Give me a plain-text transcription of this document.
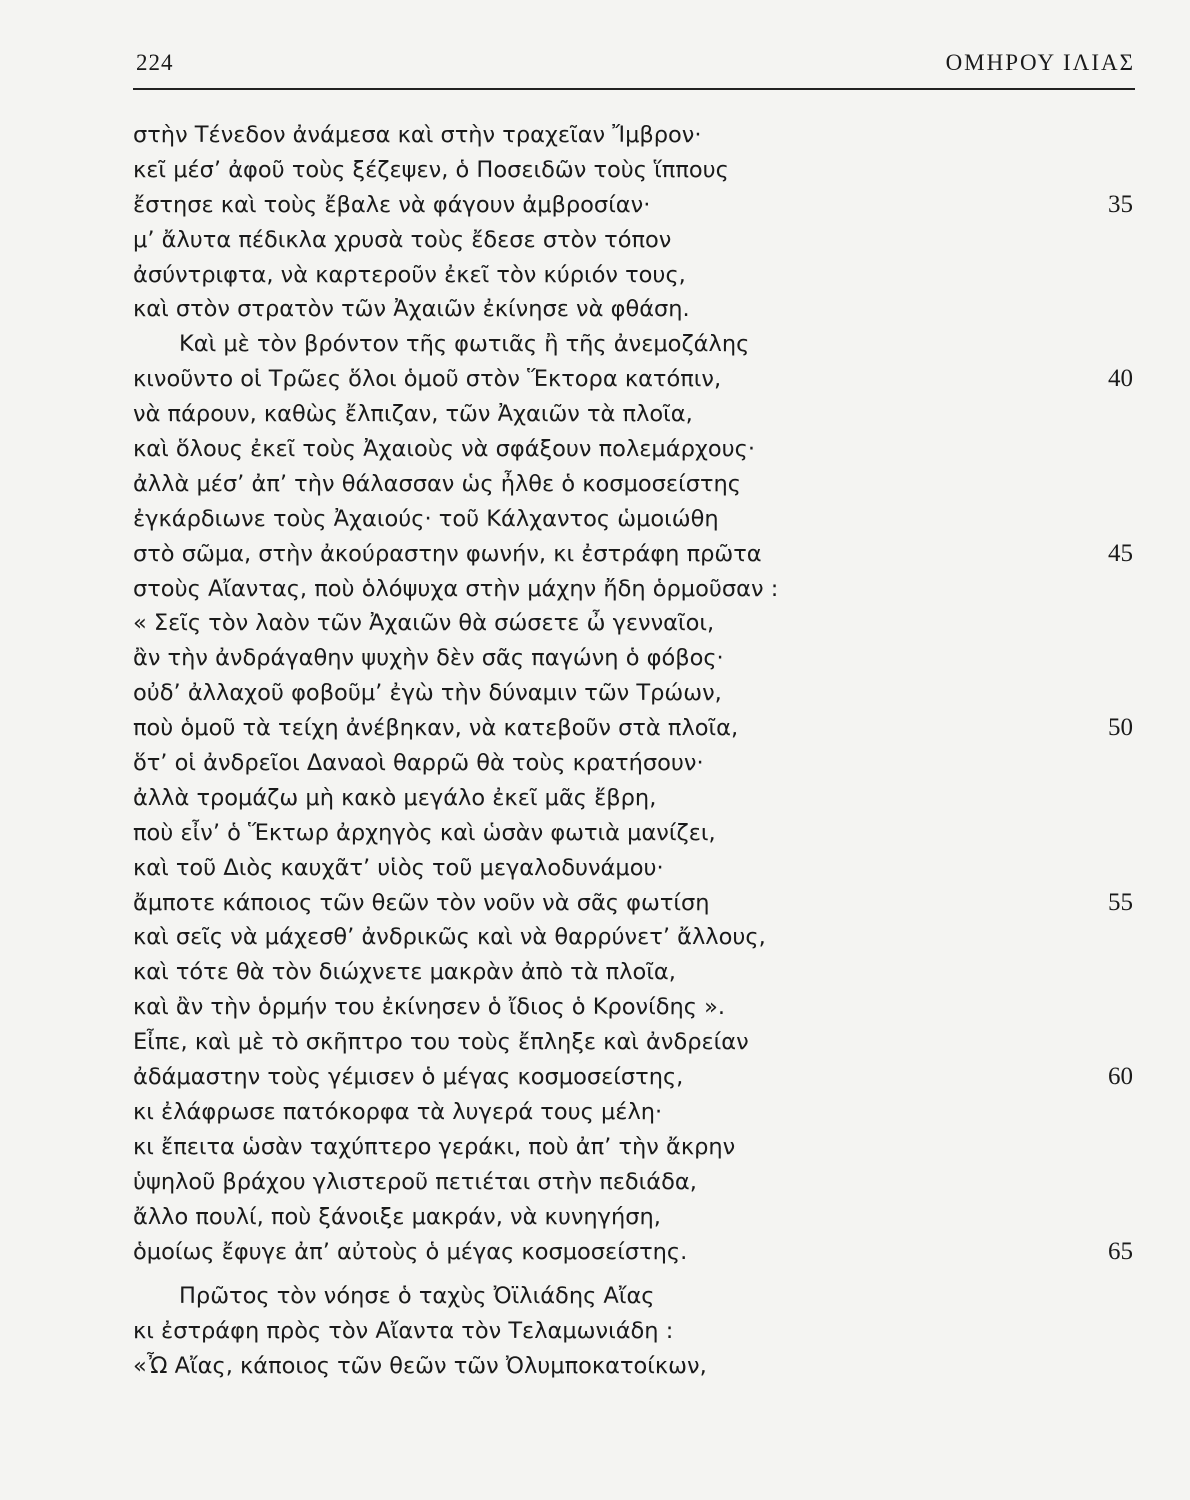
224	ΟΜΗΡΟΥ ΙΛΙΑΣ
στὴν Τένεδον ἀνάμεσα καὶ στὴν τραχεῖαν Ἴμβρον·
κεῖ μέσ’ ἀφοῦ τοὺς ξέζεψεν, ὁ Ποσειδῶν τοὺς ἵππους
ἔστησε καὶ τοὺς ἔβαλε νὰ φάγουν ἀμβροσίαν·	35
μ’ ἄλυτα πέδικλα χρυσὰ τοὺς ἔδεσε στὸν τόπον
ἀσύντριφτα, νὰ καρτεροῦν ἐκεῖ τὸν κύριόν τους,
καὶ στὸν στρατὸν τῶν Ἀχαιῶν ἐκίνησε νὰ φθάση.
Καὶ μὲ τὸν βρόντον τῆς φωτιᾶς ἢ τῆς ἀνεμοζάλης
κινοῦντο οἱ Τρῶες ὅλοι ὁμοῦ στὸν Ἕκτορα κατόπιν,	40
νὰ πάρουν, καθὼς ἔλπιζαν, τῶν Ἀχαιῶν τὰ πλοῖα,
καὶ ὅλους ἐκεῖ τοὺς Ἀχαιοὺς νὰ σφάξουν πολεμάρχους·
ἀλλὰ μέσ’ ἀπ’ τὴν θάλασσαν ὡς ἦλθε ὁ κοσμοσείστης
ἐγκάρδιωνε τοὺς Ἀχαιούς· τοῦ Κάλχαντος ὡμοιώθη
στὸ σῶμα, στὴν ἀκούραστην φωνήν, κι ἐστράφη πρῶτα	45
στοὺς Αἴαντας, ποὺ ὁλόψυχα στὴν μάχην ἤδη ὁρμοῦσαν :
« Σεῖς τὸν λαὸν τῶν Ἀχαιῶν θὰ σώσετε ὦ γενναῖοι,
ἂν τὴν ἀνδράγαθην ψυχὴν δὲν σᾶς παγώνη ὁ φόβος·
οὐδ’ ἀλλαχοῦ φοβοῦμ’ ἐγὼ τὴν δύναμιν τῶν Τρώων,
ποὺ ὁμοῦ τὰ τείχη ἀνέβηκαν, νὰ κατεβοῦν στὰ πλοῖα,	50
ὅτ’ οἱ ἀνδρεῖοι Δαναοὶ θαρρῶ θὰ τοὺς κρατήσουν·
ἀλλὰ τρομάζω μὴ κακὸ μεγάλο ἐκεῖ μᾶς ἔβρη,
ποὺ εἶν’ ὁ Ἕκτωρ ἀρχηγὸς καὶ ὡσὰν φωτιὰ μανίζει,
καὶ τοῦ Διὸς καυχᾶτ’ υἱὸς τοῦ μεγαλοδυνάμου·
ἄμποτε κάποιος τῶν θεῶν τὸν νοῦν νὰ σᾶς φωτίση	55
καὶ σεῖς νὰ μάχεσθ’ ἀνδρικῶς καὶ νὰ θαρρύνετ’ ἄλλους,
καὶ τότε θὰ τὸν διώχνετε μακρὰν ἀπὸ τὰ πλοῖα,
καὶ ἂν τὴν ὁρμήν του ἐκίνησεν ὁ ἴδιος ὁ Κρονίδης ».
Εἶπε, καὶ μὲ τὸ σκῆπτρο του τοὺς ἔπληξε καὶ ἀνδρείαν
ἀδάμαστην τοὺς γέμισεν ὁ μέγας κοσμοσείστης,	60
κι ἐλάφρωσε πατόκορφα τὰ λυγερά τους μέλη·
κι ἔπειτα ὡσὰν ταχύπτερο γεράκι, ποὺ ἀπ’ τὴν ἄκρην
ὑψηλοῦ βράχου γλιστεροῦ πετιέται στὴν πεδιάδα,
ἄλλο πουλί, ποὺ ξάνοιξε μακράν, νὰ κυνηγήση,
ὁμοίως ἔφυγε ἀπ’ αὐτοὺς ὁ μέγας κοσμοσείστης.	65
Πρῶτος τὸν νόησε ὁ ταχὺς Ὀϊλιάδης Αἴας
κι ἐστράφη πρὸς τὸν Αἴαντα τὸν Τελαμωνιάδη :
«Ὦ Αἴας, κάποιος τῶν θεῶν τῶν Ὀλυμποκατοίκων,
